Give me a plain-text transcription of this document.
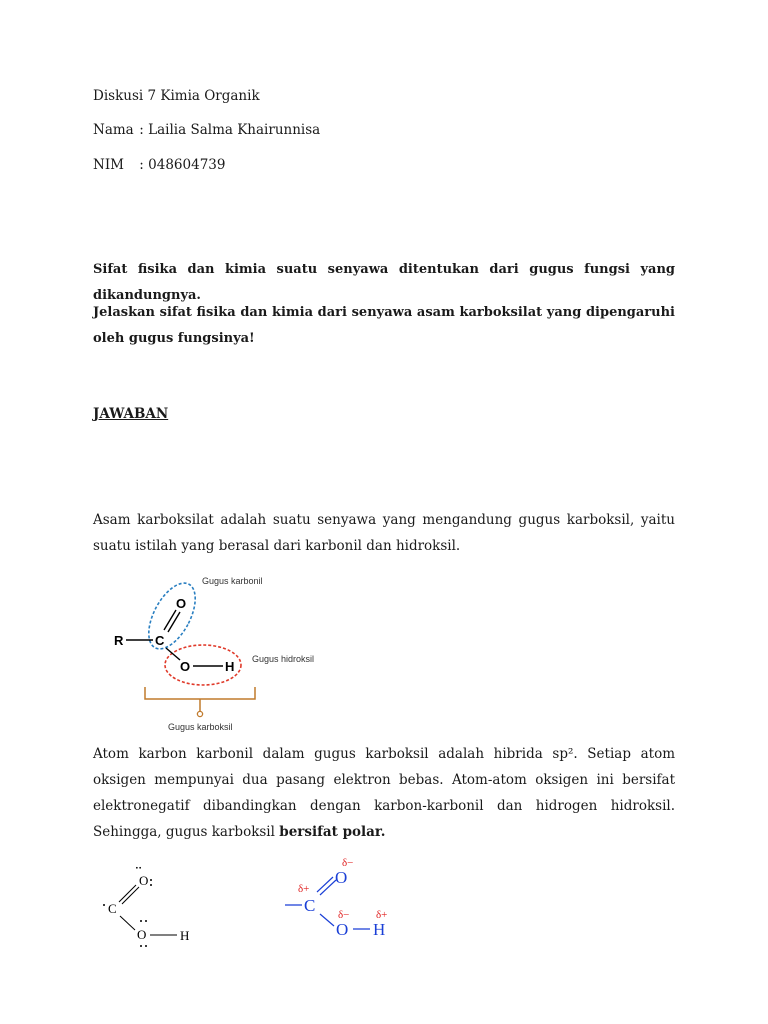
Diskusi 7 Kimia Organik
Nama : Lailia Salma Khairunnisa
NIM : 048604739
Sifat fisika dan kimia suatu senyawa ditentukan dari gugus fungsi yang dikandungnya.
Jelaskan sifat fisika dan kimia dari senyawa asam karboksilat yang dipengaruhi oleh gugus fungsinya!
JAWABAN
Asam karboksilat adalah suatu senyawa yang mengandung gugus karboksil, yaitu suatu istilah yang berasal dari karbonil dan hidroksil.
Gugus karbonil
Gugus hidroksil
Gugus karboksil
R C
O
O	H
Atom karbon karbonil dalam gugus karboksil adalah hibrida sp². Setiap atom oksigen mempunyai dua pasang elektron bebas. Atom-atom oksigen ini bersifat elektronegatif dibandingkan dengan karbon-karbonil dan hidrogen hidroksil. Sehingga, gugus karboksil bersifat polar.
:
O
C
O	H
δ−
O
δ+
C δ−
O
δ+
H
